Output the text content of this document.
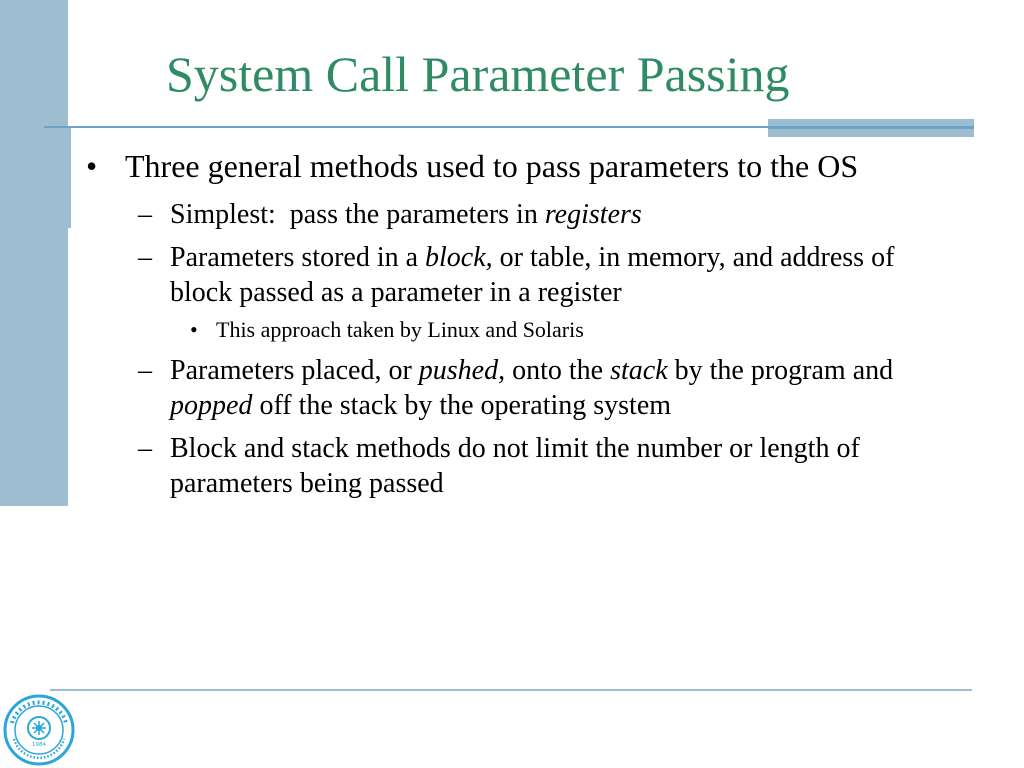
System Call Parameter Passing
• Three general methods used to pass parameters to the OS
– Simplest:  pass the parameters in registers
– Parameters stored in a block, or table, in memory, and address of block passed as a parameter in a register
• This approach taken by Linux and Solaris
– Parameters placed, or pushed, onto the stack by the program and popped off the stack by the operating system
– Block and stack methods do not limit the number or length of parameters being passed
1984
